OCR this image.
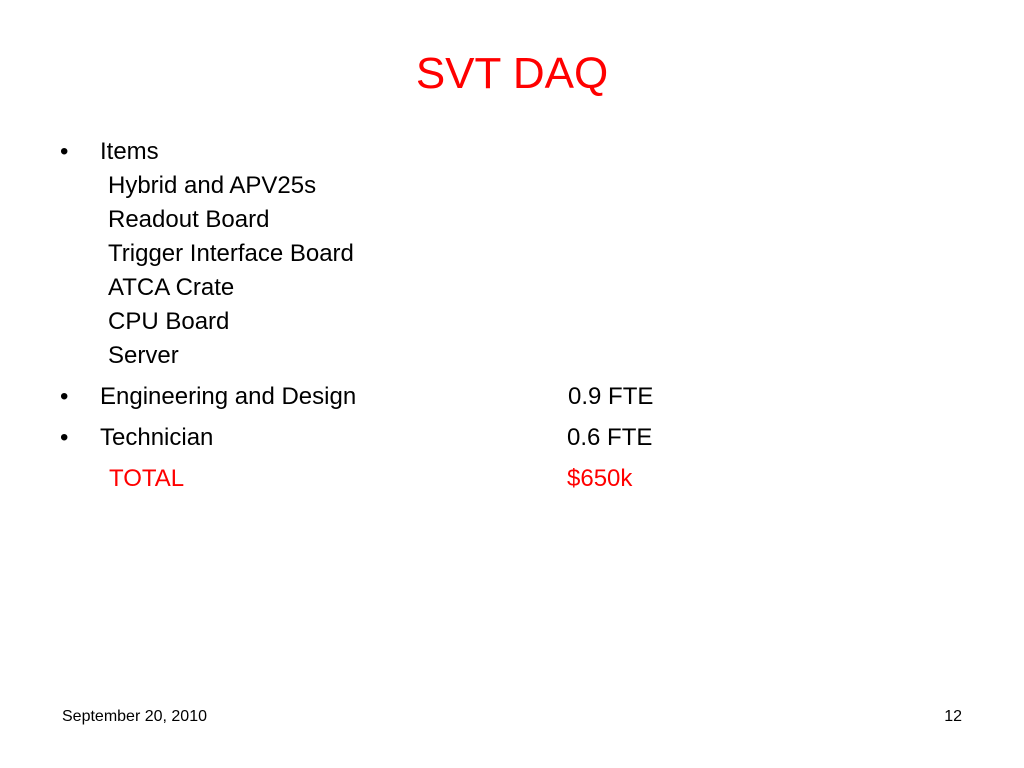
SVT DAQ
• Items
Hybrid and APV25s
Readout Board
Trigger Interface Board
ATCA Crate
CPU Board
Server
• Engineering and Design	0.9 FTE
• Technician	0.6 FTE
TOTAL	$650k
September 20, 2010	12
